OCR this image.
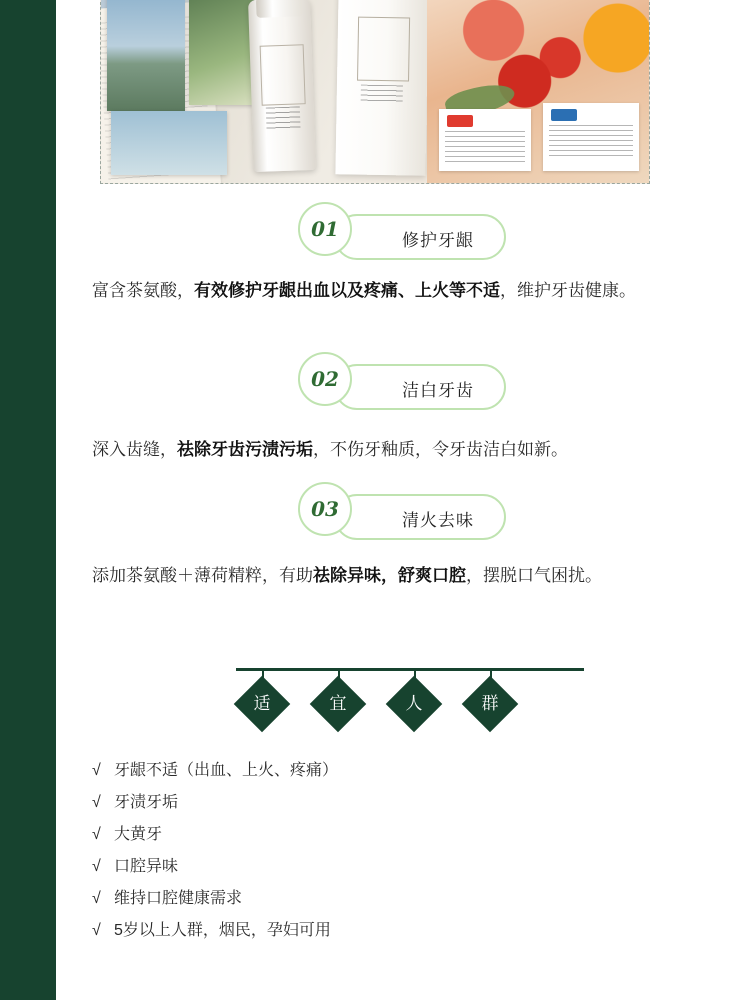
01	修护牙龈
富含茶氨酸，有效修护牙龈出血以及疼痛、上火等不适，维护牙齿健康。
02	洁白牙齿
深入齿缝，祛除牙齿污渍污垢，不伤牙釉质，令牙齿洁白如新。
03	清火去味
添加茶氨酸＋薄荷精粹，有助祛除异味，舒爽口腔，摆脱口气困扰。
适	宜	人	群
√ 牙龈不适（出血、上火、疼痛）
√ 牙渍牙垢
√ 大黄牙
√ 口腔异味
√ 维持口腔健康需求
√ 5岁以上人群，烟民，孕妇可用
